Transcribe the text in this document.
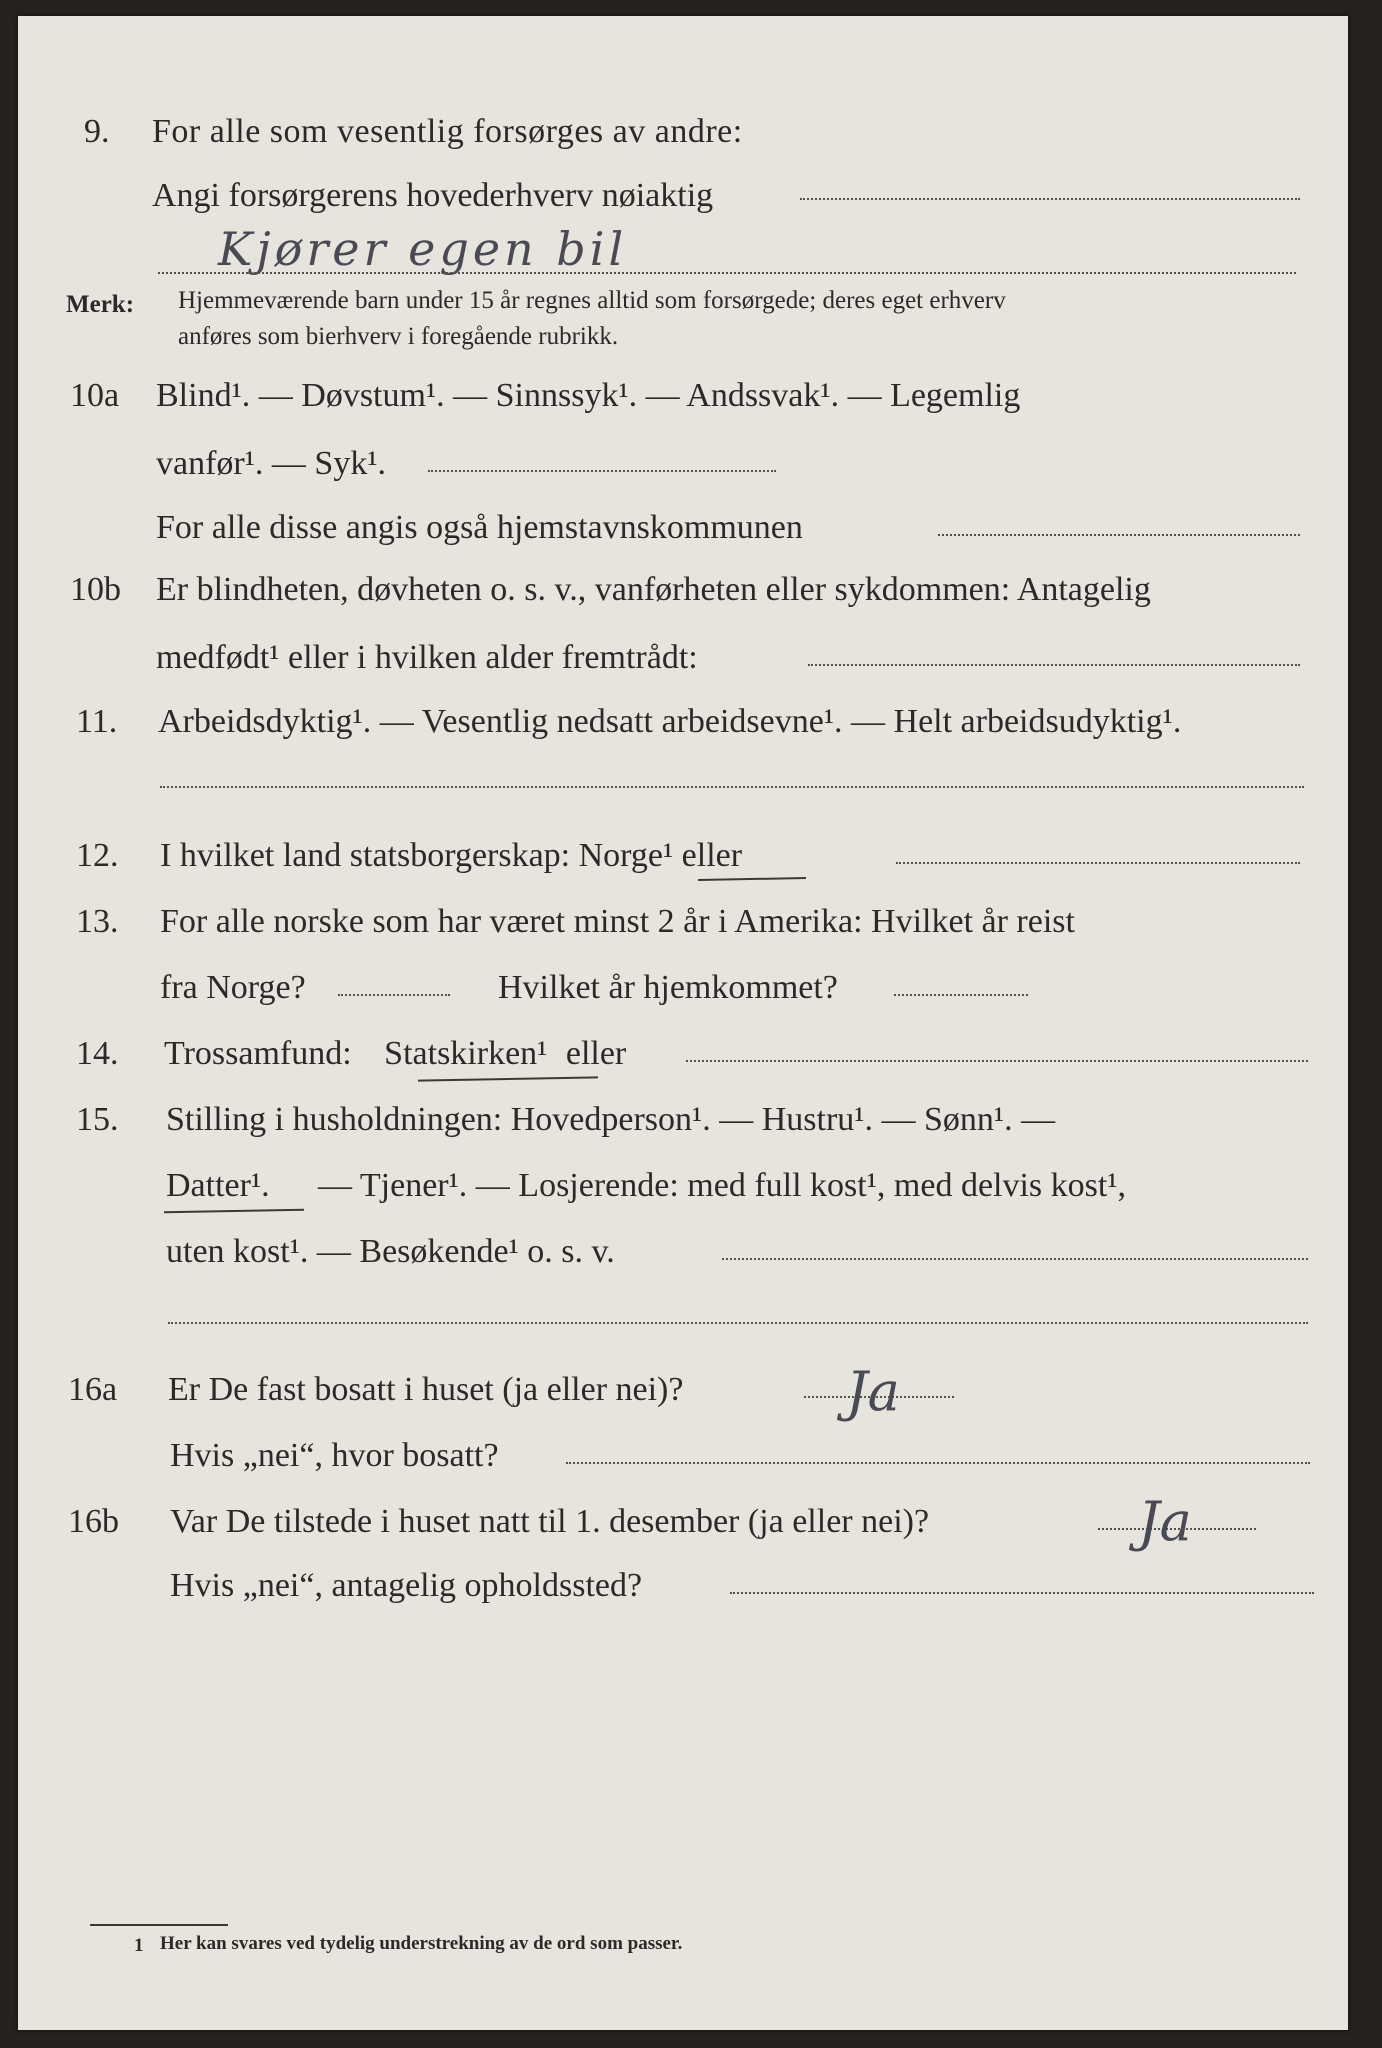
9. For alle som vesentlig forsørges av andre:
Angi forsørgerens hovederhverv nøiaktig
Kjører egen bil
Merk: Hjemmeværende barn under 15 år regnes alltid som forsørgede; deres eget erhverv
anføres som bierhverv i foregående rubrikk.
10a Blind¹. — Døvstum¹. — Sinnssyk¹. — Andssvak¹. — Legemlig
vanfør¹. — Syk¹.
For alle disse angis også hjemstavnskommunen
10b Er blindheten, døvheten o. s. v., vanførheten eller sykdommen: Antagelig
medfødt¹ eller i hvilken alder fremtrådt:
11. Arbeidsdyktig¹. — Vesentlig nedsatt arbeidsevne¹. — Helt arbeidsudyktig¹.
12. I hvilket land statsborgerskap: Norge¹ eller
13. For alle norske som har været minst 2 år i Amerika: Hvilket år reist
fra Norge?	Hvilket år hjemkommet?
14. Trossamfund: Statskirken¹ eller
15. Stilling i husholdningen: Hovedperson¹. — Hustru¹. — Sønn¹. —
Datter¹. — Tjener¹. — Losjerende: med full kost¹, med delvis kost¹,
uten kost¹. — Besøkende¹ o. s. v.
16a Er De fast bosatt i huset (ja eller nei)?	Ja
Hvis „nei“, hvor bosatt?
16b Var De tilstede i huset natt til 1. desember (ja eller nei)?	Ja
Hvis „nei“, antagelig opholdssted?
1 Her kan svares ved tydelig understrekning av de ord som passer.
